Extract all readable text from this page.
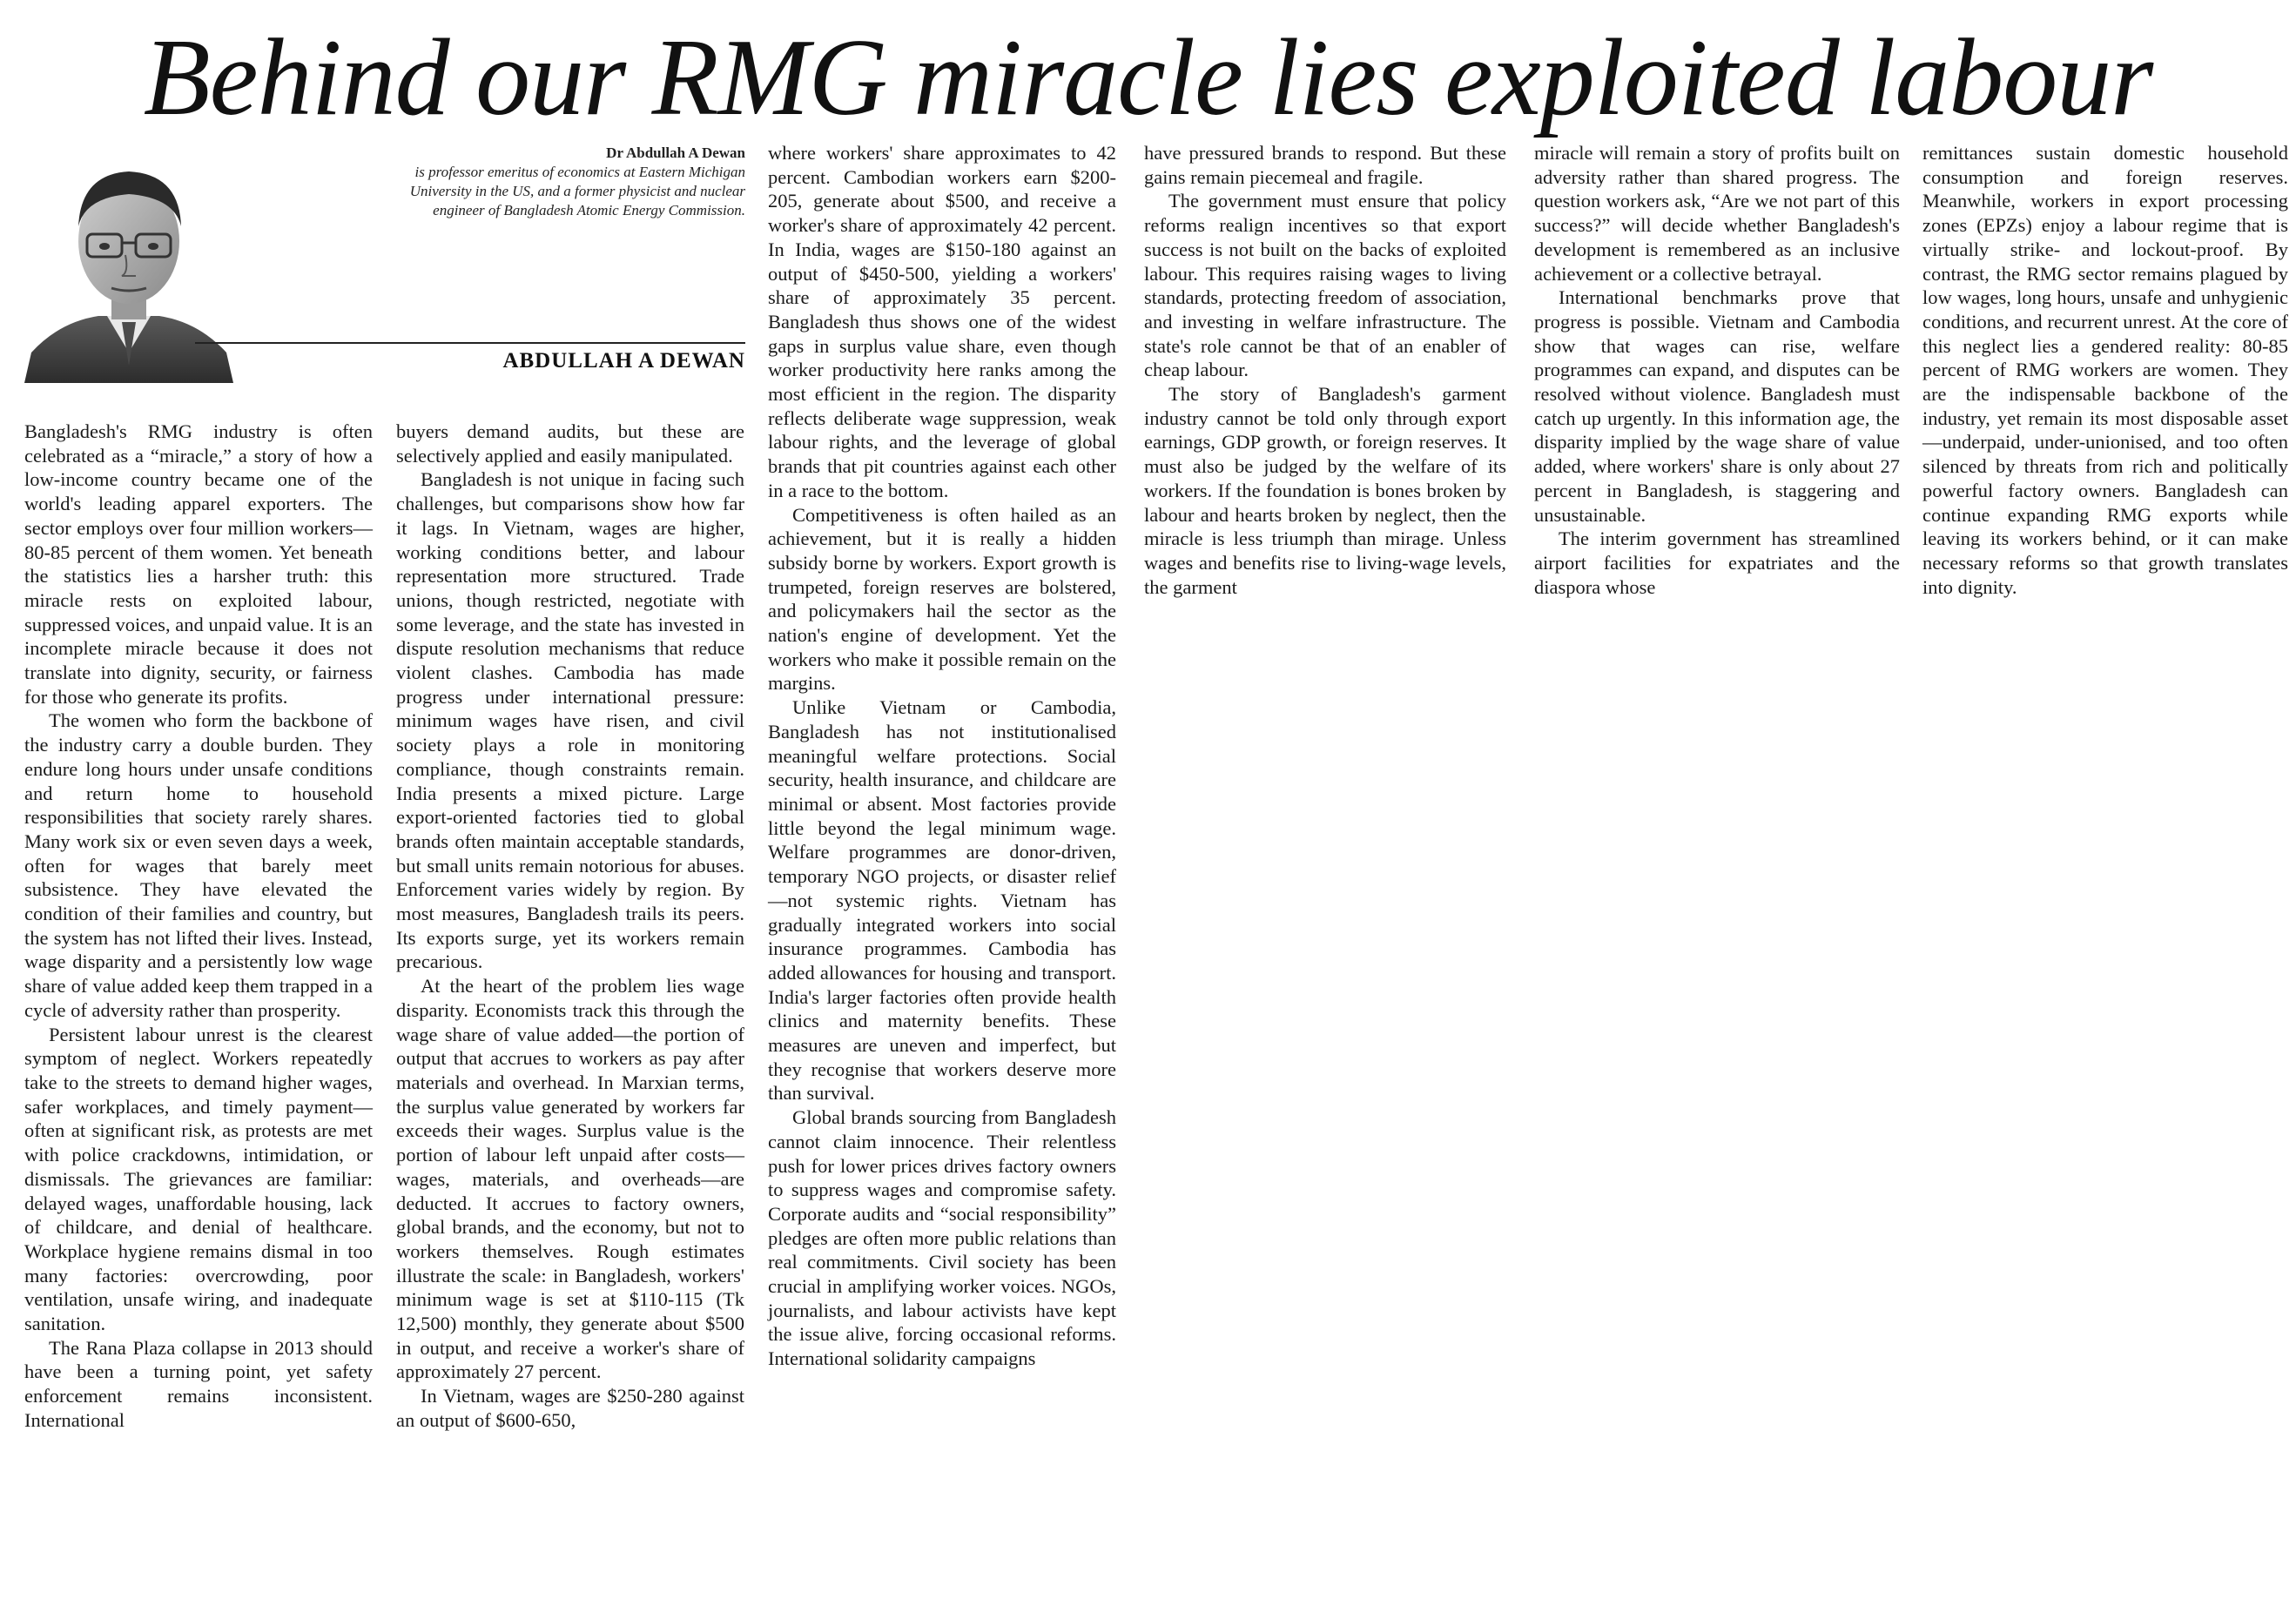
Behind our RMG miracle lies exploited labour
Dr Abdullah A Dewan
is professor emeritus of economics at Eastern Michigan University in the US, and a former physicist and nuclear engineer of Bangladesh Atomic Energy Commission.
ABDULLAH A DEWAN

Bangladesh's RMG industry is often celebrated as a “miracle,” a story of how a low-income country became one of the world's leading apparel exporters. The sector employs over four million workers—80-85 percent of them women. Yet beneath the statistics lies a harsher truth: this miracle rests on exploited labour, suppressed voices, and unpaid value. It is an incomplete miracle because it does not translate into dignity, security, or fairness for those who generate its profits.

The women who form the backbone of the industry carry a double burden. They endure long hours under unsafe conditions and return home to household responsibilities that society rarely shares. Many work six or even seven days a week, often for wages that barely meet subsistence. They have elevated the condition of their families and country, but the system has not lifted their lives. Instead, wage disparity and a persistently low wage share of value added keep them trapped in a cycle of adversity rather than prosperity.

Persistent labour unrest is the clearest symptom of neglect. Workers repeatedly take to the streets to demand higher wages, safer workplaces, and timely payment—often at significant risk, as protests are met with police crackdowns, intimidation, or dismissals. The grievances are familiar: delayed wages, unaffordable housing, lack of childcare, and denial of healthcare. Workplace hygiene remains dismal in too many factories: overcrowding, poor ventilation, unsafe wiring, and inadequate sanitation.

The Rana Plaza collapse in 2013 should have been a turning point, yet safety enforcement remains inconsistent. International

buyers demand audits, but these are selectively applied and easily manipulated.

Bangladesh is not unique in facing such challenges, but comparisons show how far it lags. In Vietnam, wages are higher, working conditions better, and labour representation more structured. Trade unions, though restricted, negotiate with some leverage, and the state has invested in dispute resolution mechanisms that reduce violent clashes. Cambodia has made progress under international pressure: minimum wages have risen, and civil society plays a role in monitoring compliance, though constraints remain. India presents a mixed picture. Large export-oriented factories tied to global brands often maintain acceptable standards, but small units remain notorious for abuses. Enforcement varies widely by region. By most measures, Bangladesh trails its peers. Its exports surge, yet its workers remain precarious.

At the heart of the problem lies wage disparity. Economists track this through the wage share of value added—the portion of output that accrues to workers as pay after materials and overhead. In Marxian terms, the surplus value generated by workers far exceeds their wages. Surplus value is the portion of labour left unpaid after costs—wages, materials, and overheads—are deducted. It accrues to factory owners, global brands, and the economy, but not to workers themselves. Rough estimates illustrate the scale: in Bangladesh, workers' minimum wage is set at $110-115 (Tk 12,500) monthly, they generate about $500 in output, and receive a worker's share of approximately 27 percent.

In Vietnam, wages are $250-280 against an output of $600-650,

where workers' share approximates to 42 percent. Cambodian workers earn $200-205, generate about $500, and receive a worker's share of approximately 42 percent. In India, wages are $150-180 against an output of $450-500, yielding a workers' share of approximately 35 percent. Bangladesh thus shows one of the widest gaps in surplus value share, even though worker productivity here ranks among the most efficient in the region. The disparity reflects deliberate wage suppression, weak labour rights, and the leverage of global brands that pit countries against each other in a race to the bottom.

Competitiveness is often hailed as an achievement, but it is really a hidden subsidy borne by workers. Export growth is trumpeted, foreign reserves are bolstered, and policymakers hail the sector as the nation's engine of development. Yet the workers who make it possible remain on the margins.

Unlike Vietnam or Cambodia, Bangladesh has not institutionalised meaningful welfare protections. Social security, health insurance, and childcare are minimal or absent. Most factories provide little beyond the legal minimum wage. Welfare programmes are donor-driven, temporary NGO projects, or disaster relief—not systemic rights. Vietnam has gradually integrated workers into social insurance programmes. Cambodia has added allowances for housing and transport. India's larger factories often provide health clinics and maternity benefits. These measures are uneven and imperfect, but they recognise that workers deserve more than survival.

Global brands sourcing from Bangladesh cannot claim innocence. Their relentless push for lower prices drives factory owners to suppress wages and compromise safety. Corporate audits and “social responsibility” pledges are often more public relations than real commitments. Civil society has been crucial in amplifying worker voices. NGOs, journalists, and labour activists have kept the issue alive, forcing occasional reforms. International solidarity campaigns

have pressured brands to respond. But these gains remain piecemeal and fragile.

The government must ensure that policy reforms realign incentives so that export success is not built on the backs of exploited labour. This requires raising wages to living standards, protecting freedom of association, and investing in welfare infrastructure. The state's role cannot be that of an enabler of cheap labour.

The story of Bangladesh's garment industry cannot be told only through export earnings, GDP growth, or foreign reserves. It must also be judged by the welfare of its workers. If the foundation is bones broken by labour and hearts broken by neglect, then the miracle is less triumph than mirage. Unless wages and benefits rise to living-wage levels, the garment

miracle will remain a story of profits built on adversity rather than shared progress. The question workers ask, “Are we not part of this success?” will decide whether Bangladesh's development is remembered as an inclusive achievement or a collective betrayal.

International benchmarks prove that progress is possible. Vietnam and Cambodia show that wages can rise, welfare programmes can expand, and disputes can be resolved without violence. Bangladesh must catch up urgently. In this information age, the disparity implied by the wage share of value added, where workers' share is only about 27 percent in Bangladesh, is staggering and unsustainable.

The interim government has streamlined airport facilities for expatriates and the diaspora whose

remittances sustain domestic household consumption and foreign reserves. Meanwhile, workers in export processing zones (EPZs) enjoy a labour regime that is virtually strike- and lockout-proof. By contrast, the RMG sector remains plagued by low wages, long hours, unsafe and unhygienic conditions, and recurrent unrest. At the core of this neglect lies a gendered reality: 80-85 percent of RMG workers are women. They are the indispensable backbone of the industry, yet remain its most disposable asset—underpaid, under-unionised, and too often silenced by threats from rich and politically powerful factory owners. Bangladesh can continue expanding RMG exports while leaving its workers behind, or it can make necessary reforms so that growth translates into dignity.
